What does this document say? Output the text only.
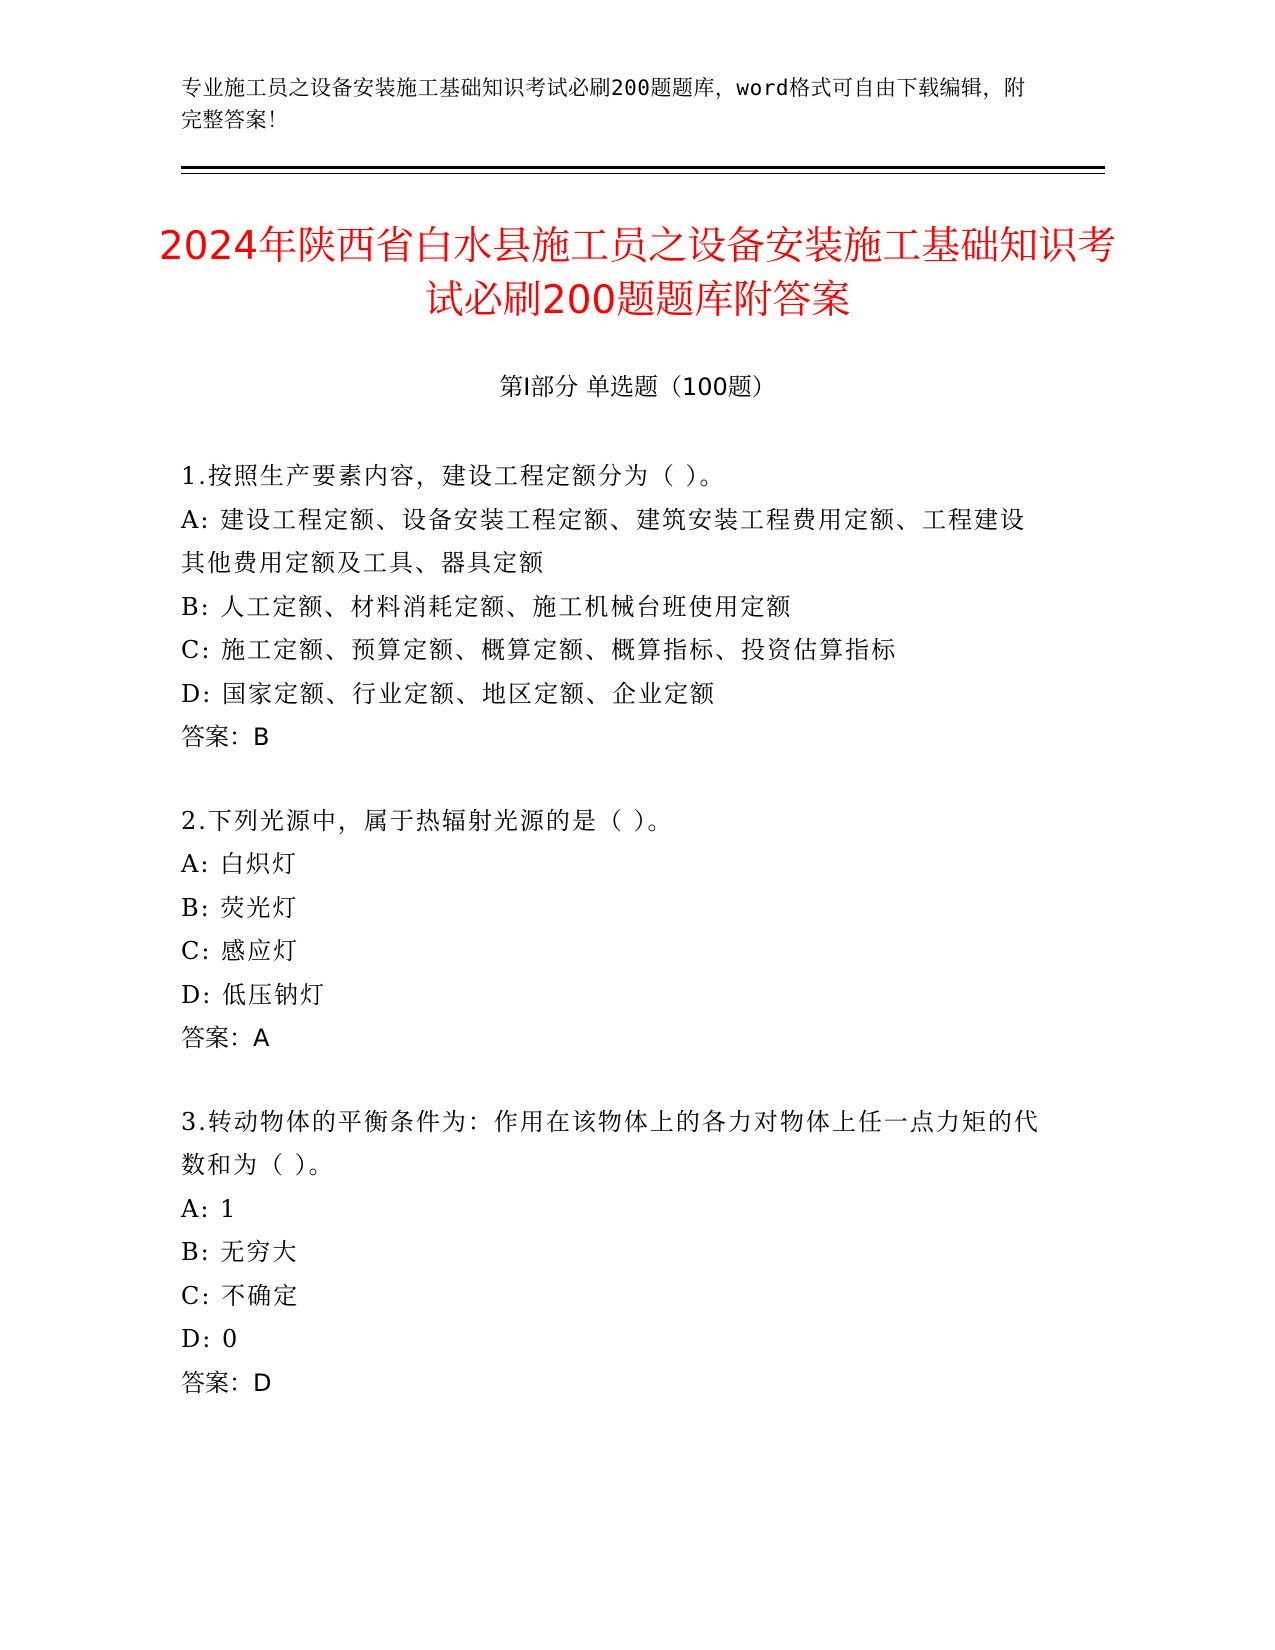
专业施工员之设备安装施工基础知识考试必刷200题题库，word格式可自由下载编辑，附完整答案！
2024年陕西省白水县施工员之设备安装施工基础知识考试必刷200题题库附答案
第Ⅰ部分 单选题（100题）
1.按照生产要素内容，建设工程定额分为（ ）。
A: 建设工程定额、设备安装工程定额、建筑安装工程费用定额、工程建设其他费用定额及工具、器具定额
B: 人工定额、材料消耗定额、施工机械台班使用定额
C: 施工定额、预算定额、概算定额、概算指标、投资估算指标
D: 国家定额、行业定额、地区定额、企业定额
答案：B
2.下列光源中，属于热辐射光源的是（ ）。
A: 白炽灯
B: 荧光灯
C: 感应灯
D: 低压钠灯
答案：A
3.转动物体的平衡条件为：作用在该物体上的各力对物体上任一点力矩的代数和为（ ）。
A: 1
B: 无穷大
C: 不确定
D: 0
答案：D
